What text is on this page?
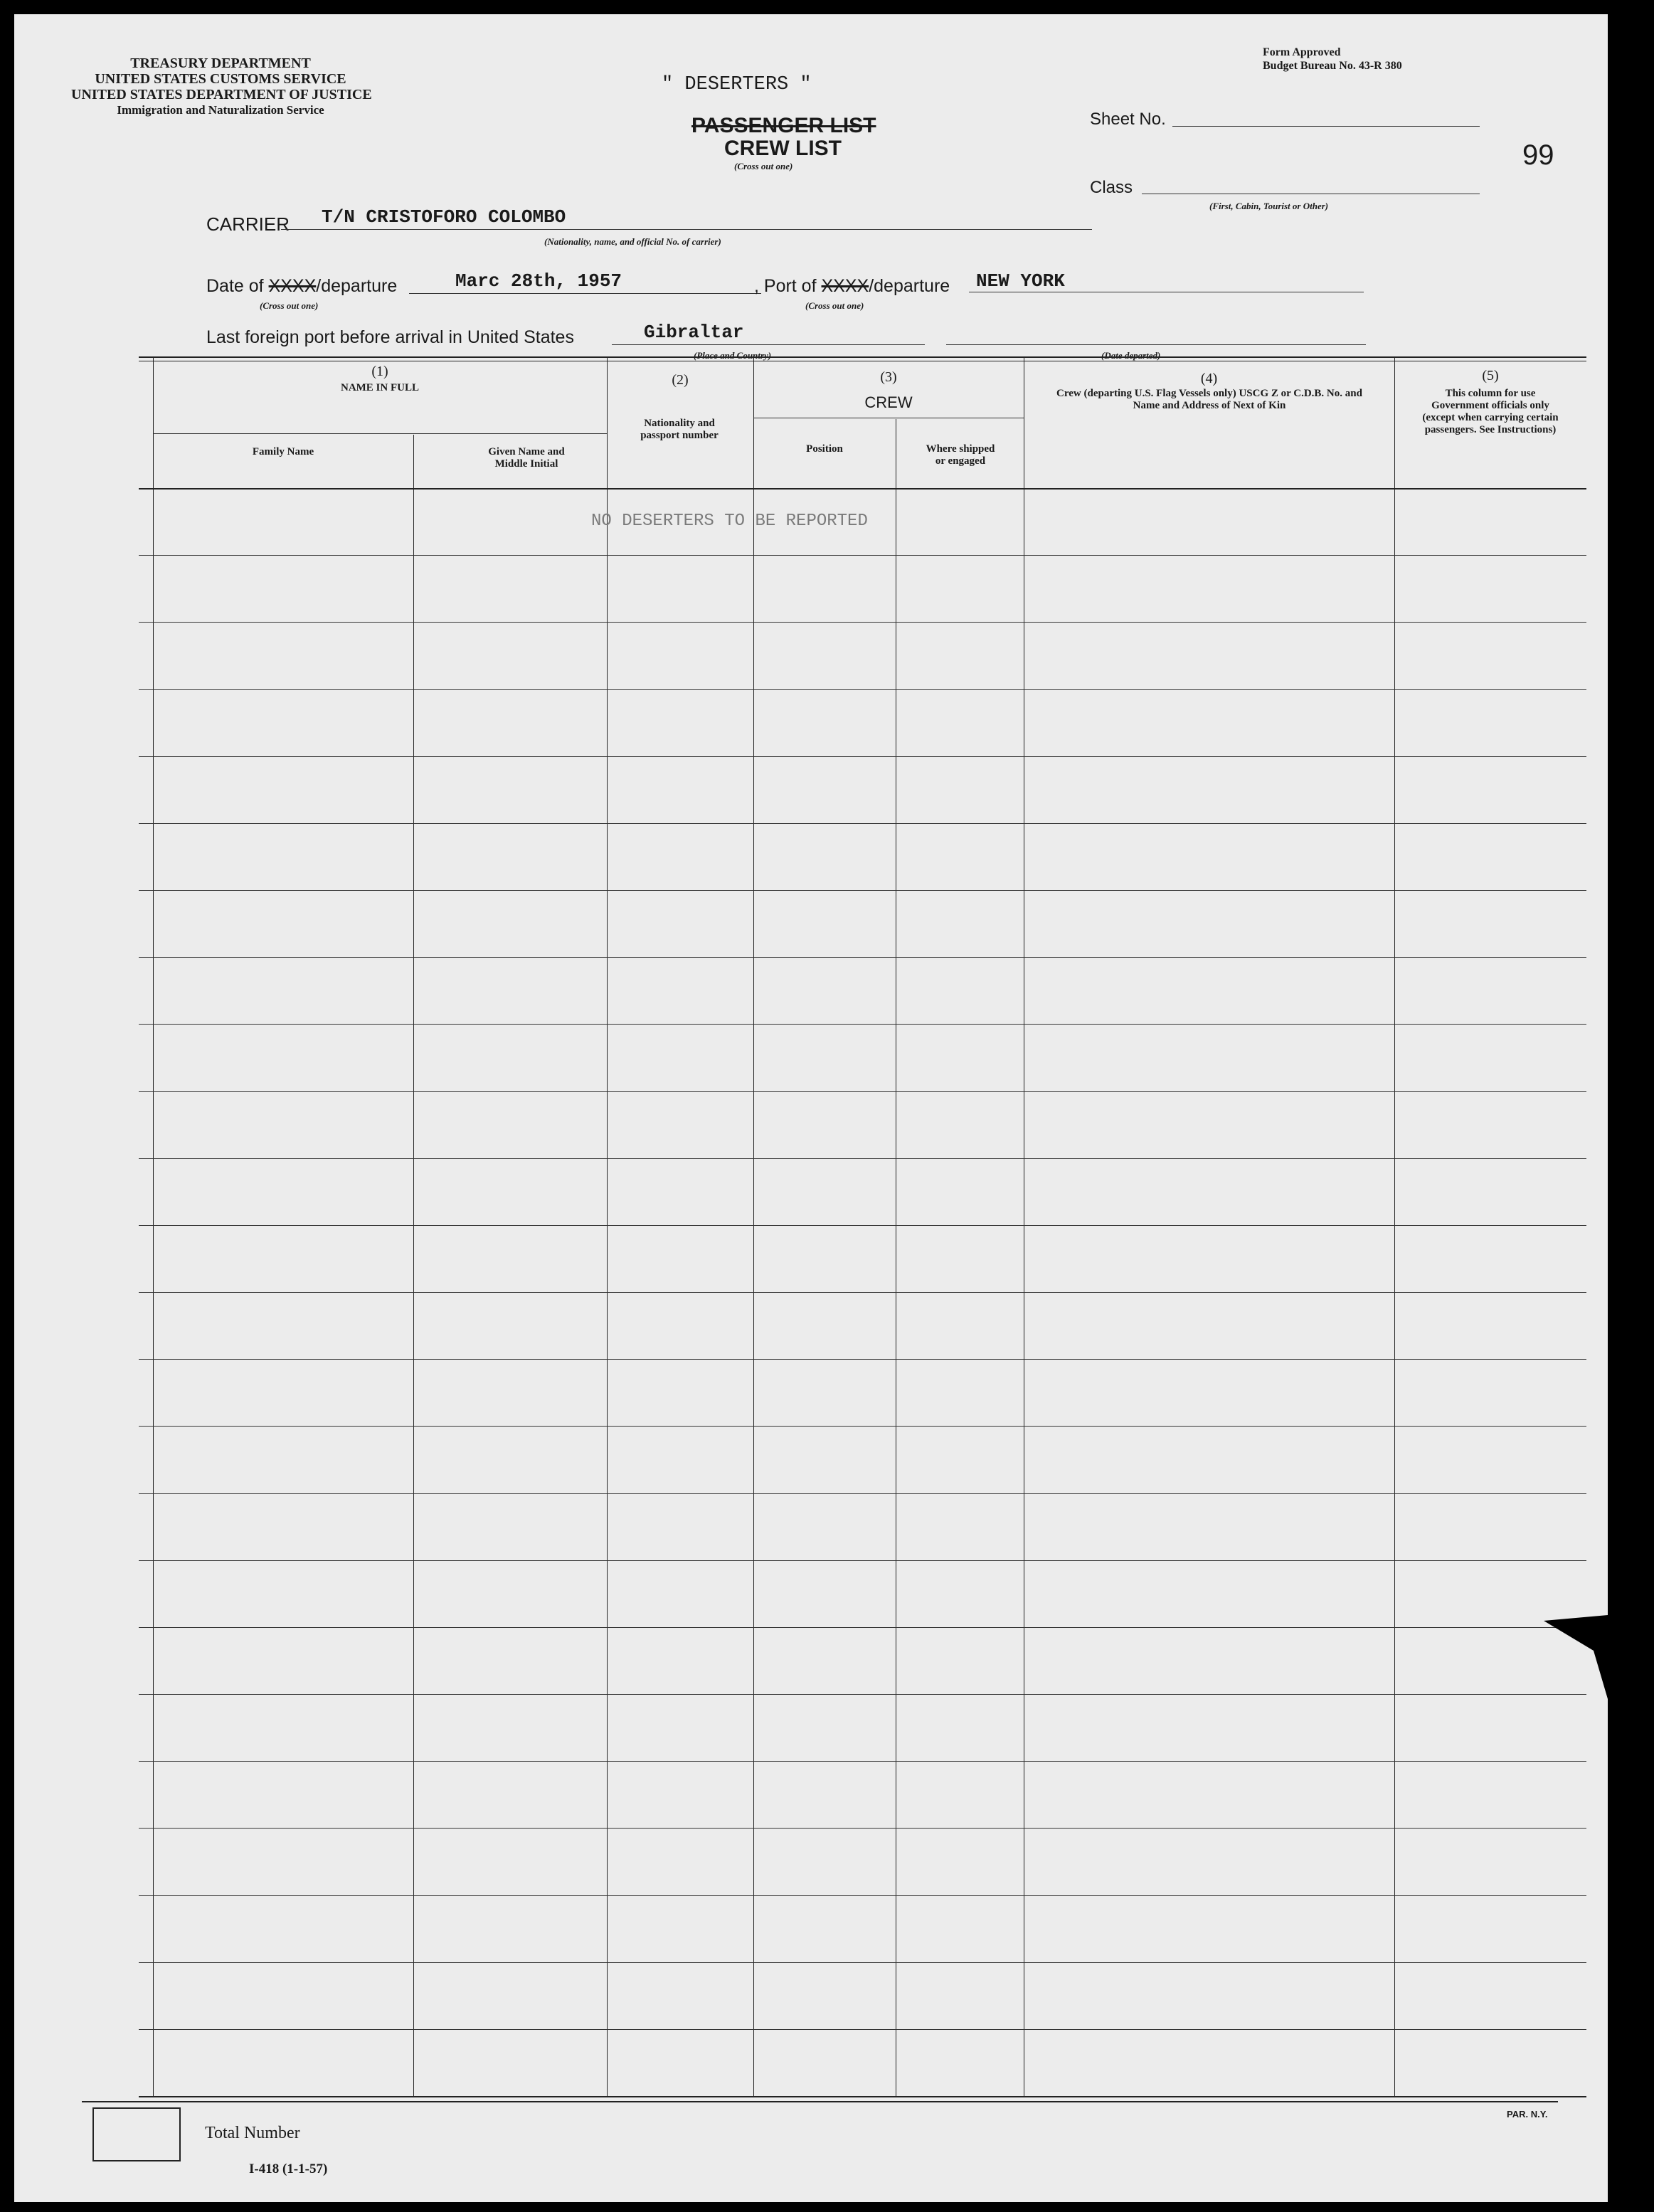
TREASURY DEPARTMENT
UNITED STATES CUSTOMS SERVICE
UNITED STATES DEPARTMENT OF JUSTICE
Immigration and Naturalization Service
Form Approved
Budget Bureau No. 43-R 380
" DESERTERS "
PASSENGER LIST
CREW LIST
(Cross out one)
Sheet No.
99
Class
(First, Cabin, Tourist or Other)
CARRIER T/N CRISTOFORO COLOMBO
(Nationality, name, and official No. of carrier)
Date of XXXX/departure	Marc 28th, 1957
(Cross out one)
, Port of XXXX/departure NEW YORK
(Cross out one)
Last foreign port before arrival in United States	Gibraltar
(Place and Country)	(Date departed)
(1)
NAME IN FULL
Family Name	Given Name and Middle Initial
(2)
Nationality and passport number
(3)
CREW
Position	Where shipped or engaged
(4)
Crew (departing U.S. Flag Vessels only) USCG Z or C.D.B. No. and Name and Address of Next of Kin
(5)
This column for use Government officials only (except when carrying certain passengers. See Instructions)
NO DESERTERS TO BE REPORTED
Total Number
I-418 (1-1-57)
PAR. N.Y.
